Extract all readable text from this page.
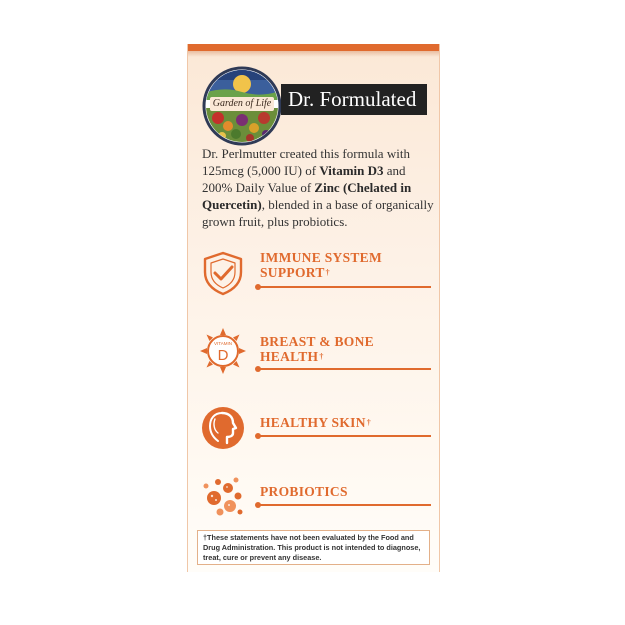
Garden of Life Dr. Formulated
Dr. Perlmutter created this formula with 125mcg (5,000 IU) of Vitamin D3 and 200% Daily Value of Zinc (Chelated in Quercetin), blended in a base of organically grown fruit, plus probiotics.
IMMUNE SYSTEM
SUPPORT†
VITAMIN
D
BREAST & BONE
HEALTH†
HEALTHY SKIN†
PROBIOTICS
†These statements have not been evaluated by the Food and Drug Administration. This product is not intended to diagnose, treat, cure or prevent any disease.
